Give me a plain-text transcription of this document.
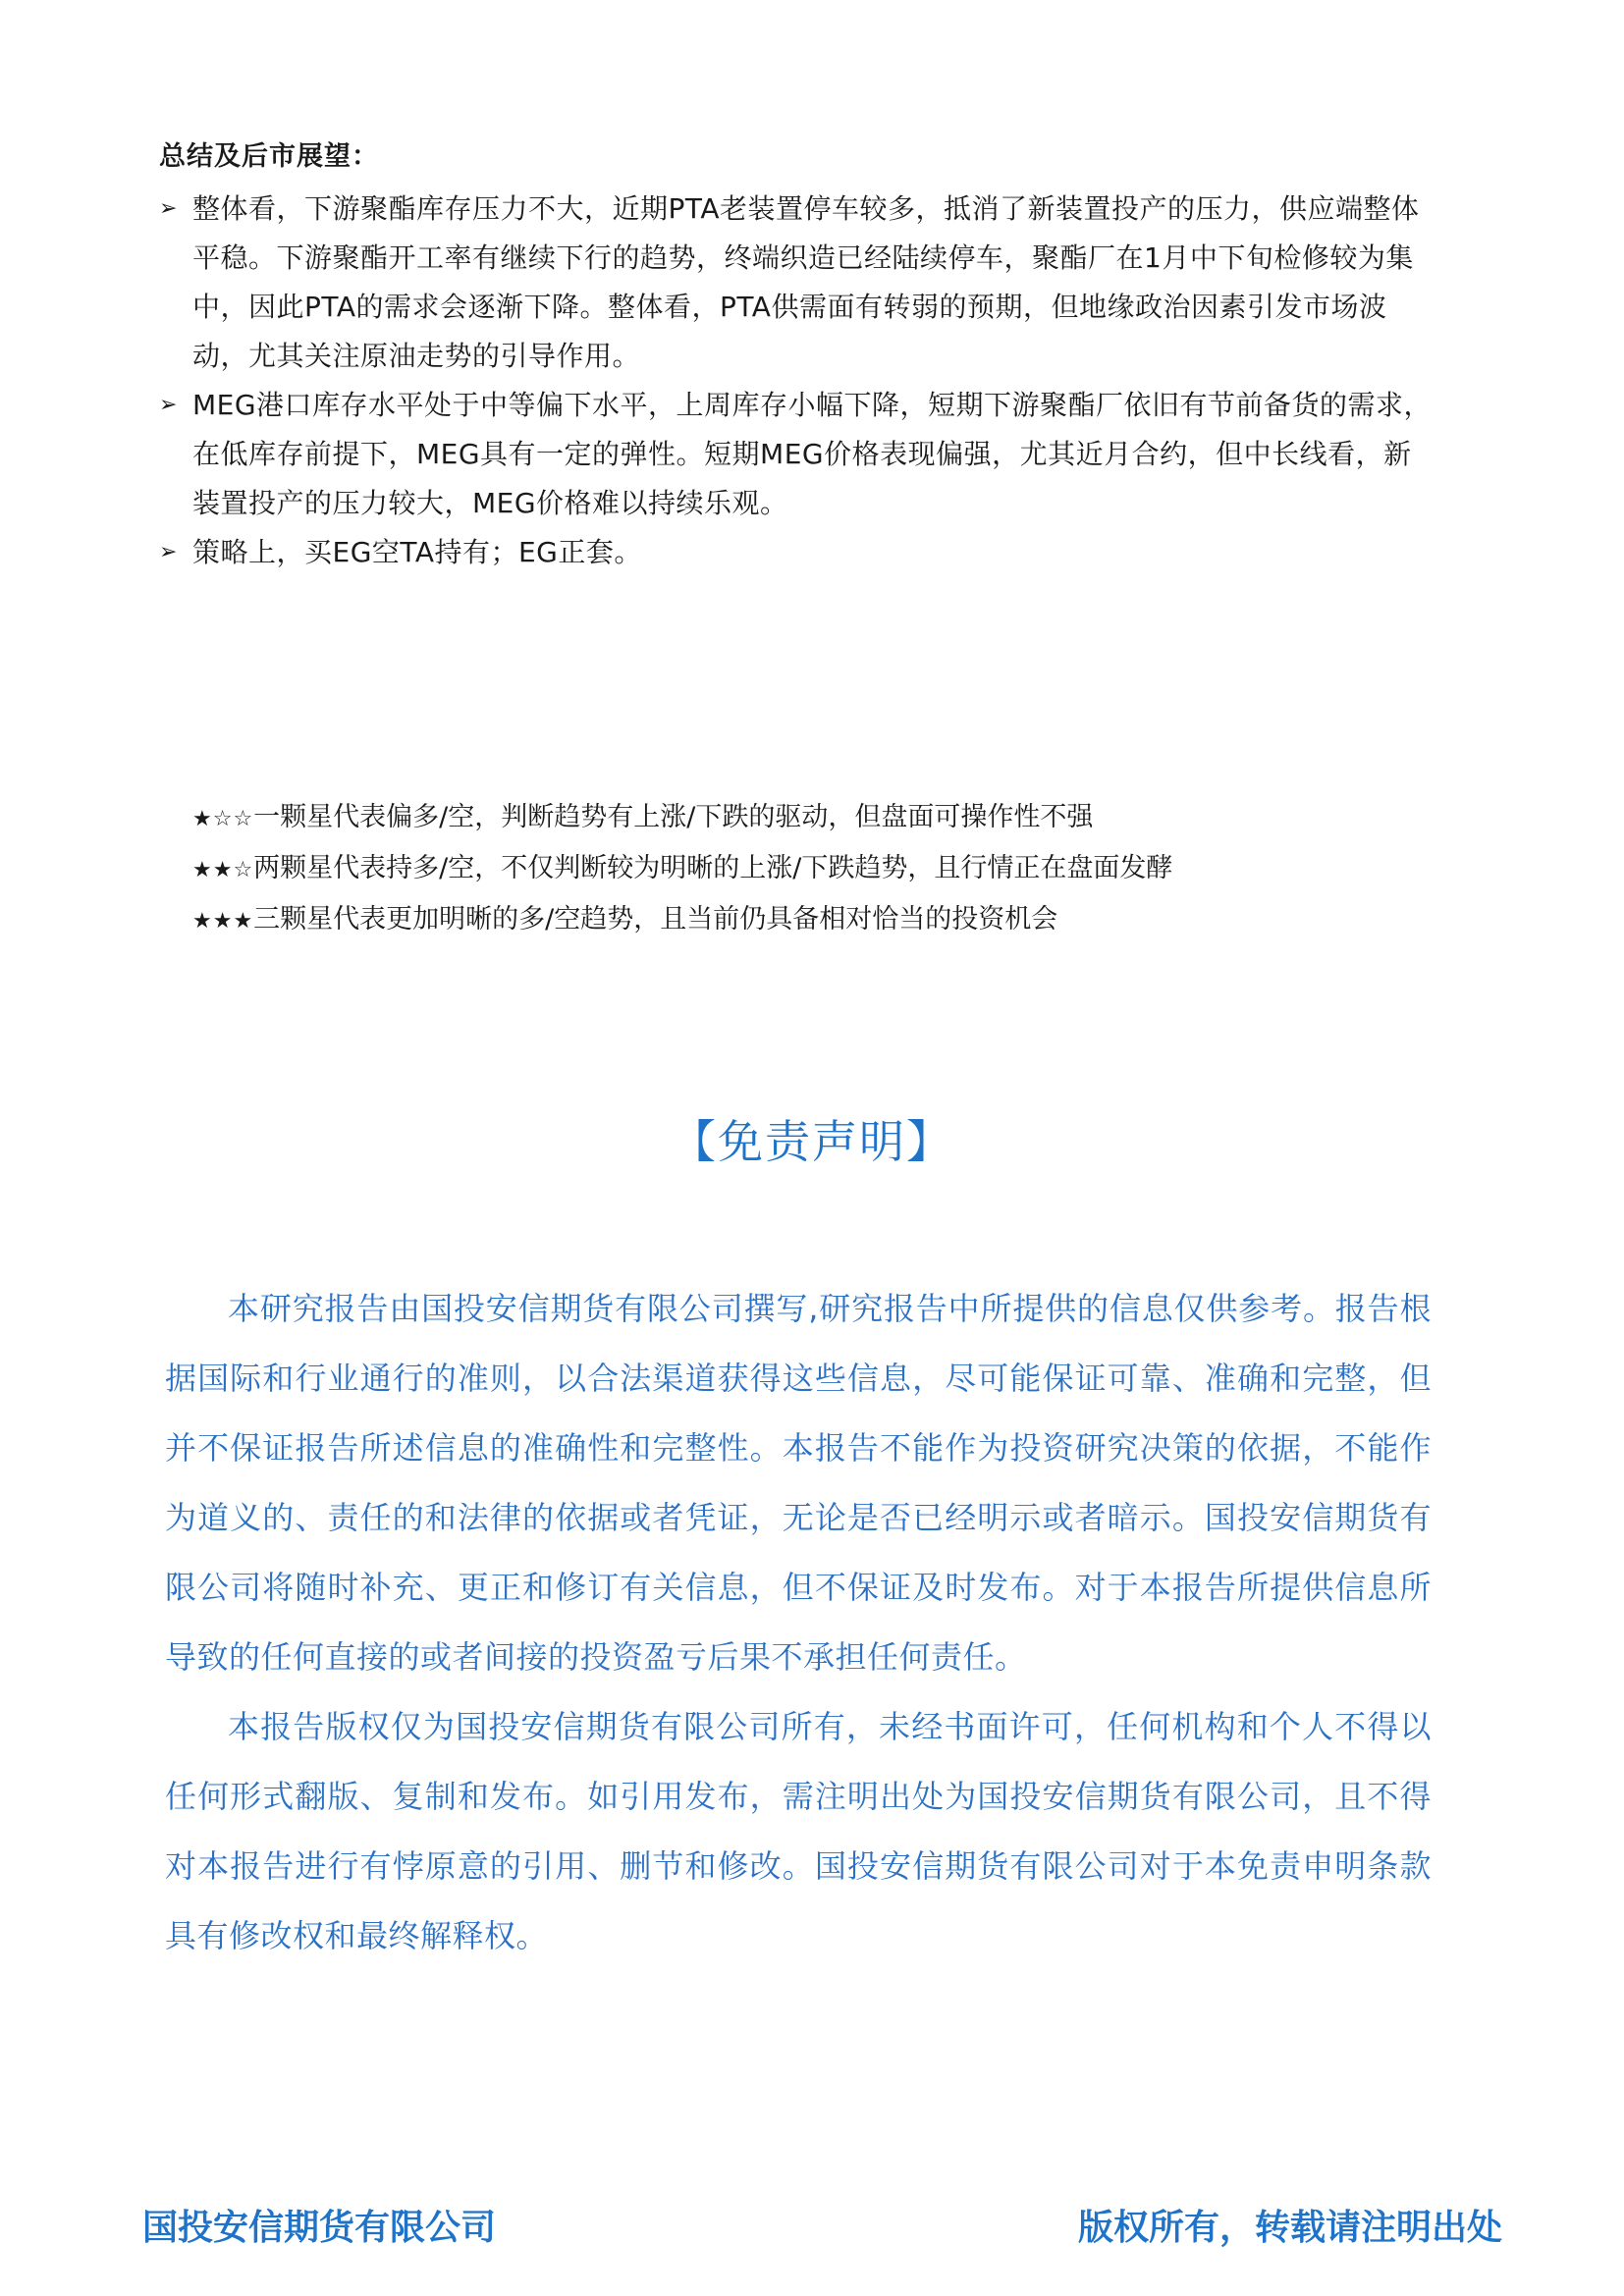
总结及后市展望：
➢ 整体看，下游聚酯库存压力不大，近期PTA老装置停车较多，抵消了新装置投产的压力，供应端整体平稳。下游聚酯开工率有继续下行的趋势，终端织造已经陆续停车，聚酯厂在1月中下旬检修较为集中，因此PTA的需求会逐渐下降。整体看，PTA供需面有转弱的预期，但地缘政治因素引发市场波动，尤其关注原油走势的引导作用。
➢ MEG港口库存水平处于中等偏下水平，上周库存小幅下降，短期下游聚酯厂依旧有节前备货的需求，在低库存前提下，MEG具有一定的弹性。短期MEG价格表现偏强，尤其近月合约，但中长线看，新装置投产的压力较大，MEG价格难以持续乐观。
➢ 策略上，买EG空TA持有；EG正套。
★☆☆一颗星代表偏多/空，判断趋势有上涨/下跌的驱动，但盘面可操作性不强
★★☆两颗星代表持多/空，不仅判断较为明晰的上涨/下跌趋势，且行情正在盘面发酵
★★★三颗星代表更加明晰的多/空趋势，且当前仍具备相对恰当的投资机会
【免责声明】

本研究报告由国投安信期货有限公司撰写,研究报告中所提供的信息仅供参考。报告根据国际和行业通行的准则，以合法渠道获得这些信息，尽可能保证可靠、准确和完整，但并不保证报告所述信息的准确性和完整性。本报告不能作为投资研究决策的依据，不能作为道义的、责任的和法律的依据或者凭证，无论是否已经明示或者暗示。国投安信期货有限公司将随时补充、更正和修订有关信息，但不保证及时发布。对于本报告所提供信息所导致的任何直接的或者间接的投资盈亏后果不承担任何责任。

本报告版权仅为国投安信期货有限公司所有，未经书面许可，任何机构和个人不得以任何形式翻版、复制和发布。如引用发布，需注明出处为国投安信期货有限公司，且不得对本报告进行有悖原意的引用、删节和修改。国投安信期货有限公司对于本免责申明条款具有修改权和最终解释权。

国投安信期货有限公司	版权所有，转载请注明出处
